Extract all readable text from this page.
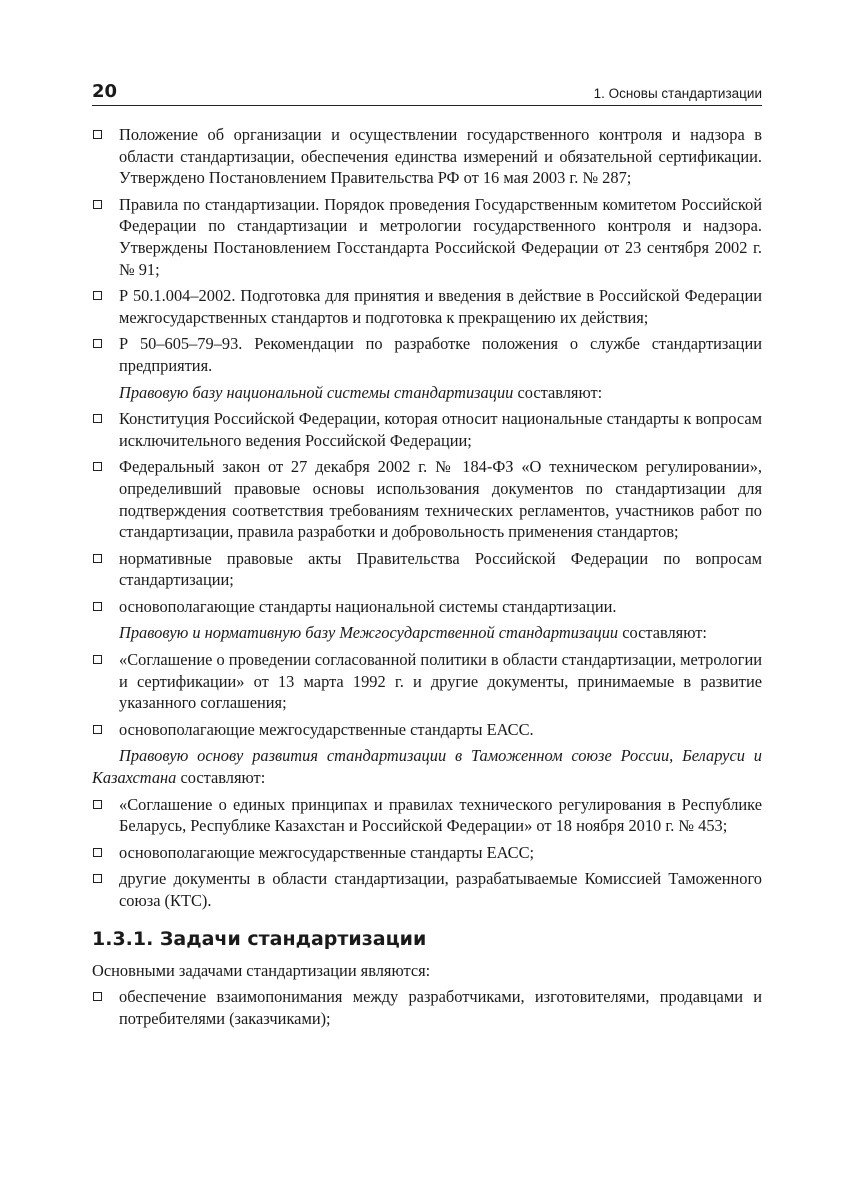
20	1. Основы стандартизации
Положение об организации и осуществлении государственного контроля и надзора в области стандартизации, обеспечения единства измерений и обязательной сертификации. Утверждено Постановлением Правительства РФ от 16 мая 2003 г. № 287;
Правила по стандартизации. Порядок проведения Государственным комитетом Российской Федерации по стандартизации и метрологии государственного контроля и надзора. Утверждены Постановлением Госстандарта Российской Федерации от 23 сентября 2002 г. № 91;
Р 50.1.004–2002. Подготовка для принятия и введения в действие в Российской Федерации межгосударственных стандартов и подготовка к прекращению их действия;
Р 50–605–79–93. Рекомендации по разработке положения о службе стандартизации предприятия.
Правовую базу национальной системы стандартизации составляют:
Конституция Российской Федерации, которая относит национальные стандарты к вопросам исключительного ведения Российской Федерации;
Федеральный закон от 27 декабря 2002 г. № 184-ФЗ «О техническом регулировании», определивший правовые основы использования документов по стандартизации для подтверждения соответствия требованиям технических регламентов, участников работ по стандартизации, правила разработки и добровольность применения стандартов;
нормативные правовые акты Правительства Российской Федерации по вопросам стандартизации;
основополагающие стандарты национальной системы стандартизации.
Правовую и нормативную базу Межгосударственной стандартизации составляют:
«Соглашение о проведении согласованной политики в области стандартизации, метрологии и сертификации» от 13 марта 1992 г. и другие документы, принимаемые в развитие указанного соглашения;
основополагающие межгосударственные стандарты ЕАСС.
Правовую основу развития стандартизации в Таможенном союзе России, Беларуси и Казахстана составляют:
«Соглашение о единых принципах и правилах технического регулирования в Республике Беларусь, Республике Казахстан и Российской Федерации» от 18 ноября 2010 г. № 453;
основополагающие межгосударственные стандарты ЕАСС;
другие документы в области стандартизации, разрабатываемые Комиссией Таможенного союза (КТС).
1.3.1. Задачи стандартизации
Основными задачами стандартизации являются:
обеспечение взаимопонимания между разработчиками, изготовителями, продавцами и потребителями (заказчиками);
